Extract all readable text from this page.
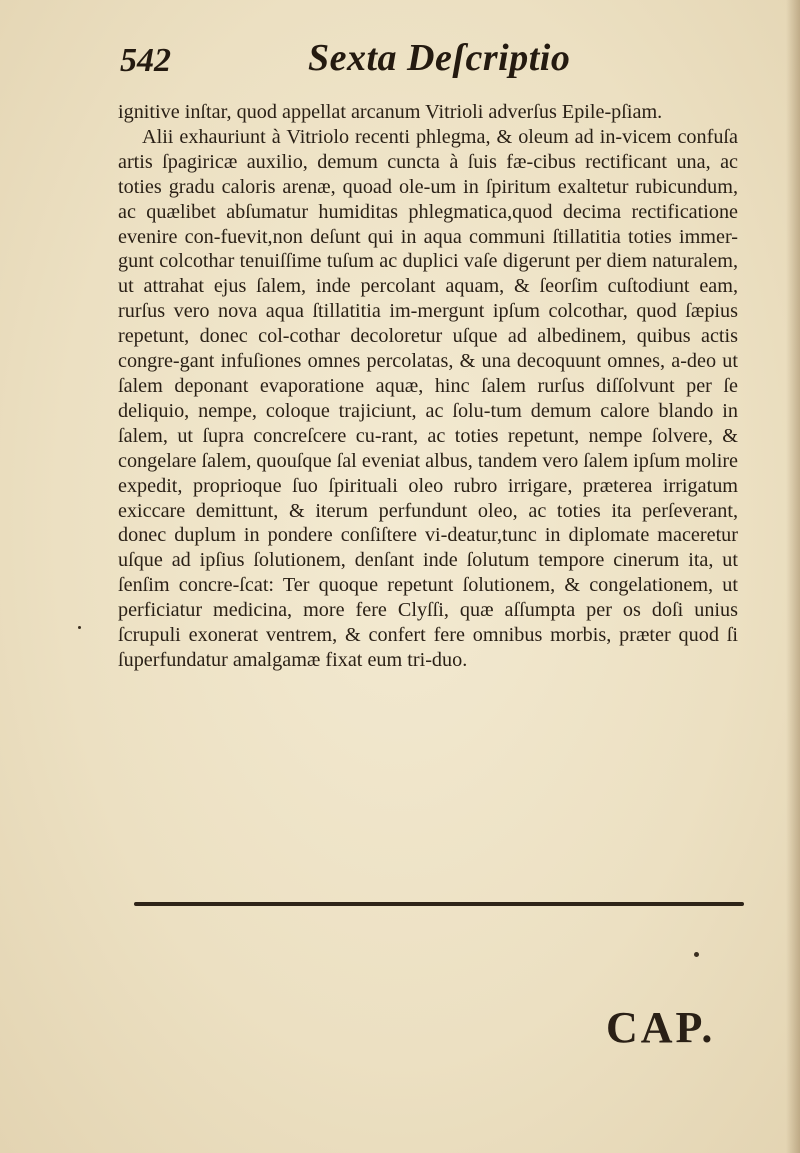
542	Sexta Deſcriptio

ignitive inſtar, quod appellat arcanum Vitrioli adverſus Epile-pſiam.

Alii exhauriunt à Vitriolo recenti phlegma, & oleum ad in-vicem confuſa artis ſpagiricæ auxilio, demum cuncta à ſuis fæ-cibus rectificant una, ac toties gradu caloris arenæ, quoad ole-um in ſpiritum exaltetur rubicundum, ac quælibet abſumatur humiditas phlegmatica,quod decima rectificatione evenire con-fuevit,non deſunt qui in aqua communi ſtillatitia toties immer-gunt colcothar tenuiſſime tuſum ac duplici vaſe digerunt per diem naturalem, ut attrahat ejus ſalem, inde percolant aquam, & ſeorſim cuſtodiunt eam, rurſus vero nova aqua ſtillatitia im-mergunt ipſum colcothar, quod ſæpius repetunt, donec col-cothar decoloretur uſque ad albedinem, quibus actis congre-gant infuſiones omnes percolatas, & una decoquunt omnes, a-deo ut ſalem deponant evaporatione aquæ, hinc ſalem rurſus diſſolvunt per ſe deliquio, nempe, coloque trajiciunt, ac ſolu-tum demum calore blando in ſalem, ut ſupra concreſcere cu-rant, ac toties repetunt, nempe ſolvere, & congelare ſalem, quouſque ſal eveniat albus, tandem vero ſalem ipſum molire expedit, proprioque ſuo ſpirituali oleo rubro irrigare, prætereа irrigatum exiccare demittunt, & iterum perfundunt oleo, ac toties ita perſeverant, donec duplum in pondere conſiſtere vi-deatur,tunc in diplomate maceretur uſque ad ipſius ſolutionem, denſant inde ſolutum tempore cinerum ita, ut ſenſim concre-ſcat: Ter quoque repetunt ſolutionem, & congelationem, ut perficiatur medicina, more fere Clyſſi, quæ aſſumpta per os doſi unius ſcrupuli exonerat ventrem, & confert fere omnibus morbis, præter quod ſi ſuperfundatur amalgamæ fixat eum tri-duo.

CAP.
